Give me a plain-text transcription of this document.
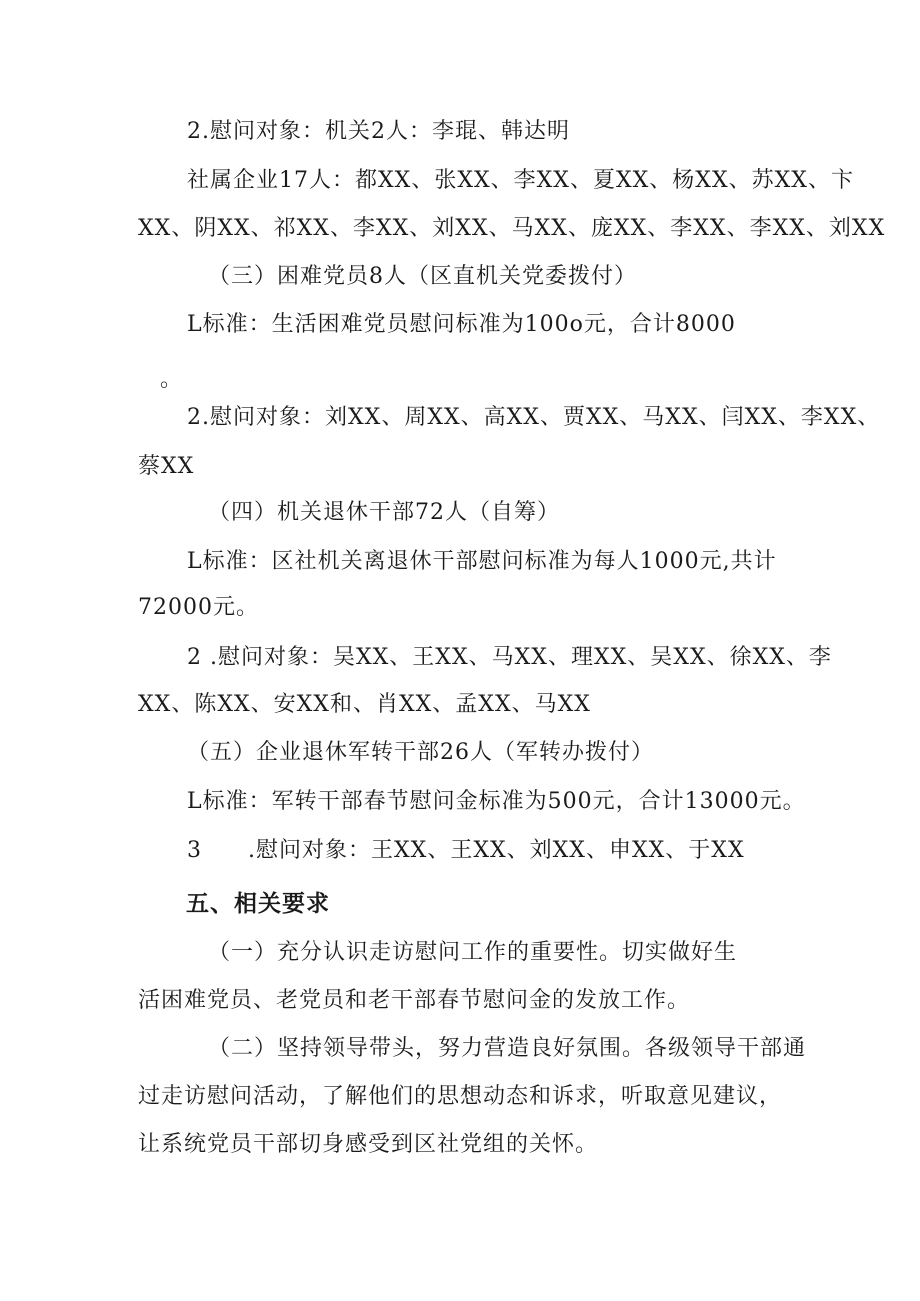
2.慰问对象：机关2人：李琨、韩达明
社属企业17人：都XX、张XX、李XX、夏XX、杨XX、苏XX、卞
XX、阴XX、祁XX、李XX、刘XX、马XX、庞XX、李XX、李XX、刘XX
（三）困难党员8人（区直机关党委拨付）
L标准：生活困难党员慰问标准为100o元，合计8000
。
2.慰问对象：刘XX、周XX、高XX、贾XX、马XX、闫XX、李XX、
蔡XX
（四）机关退休干部72人（自筹）
L标准：区社机关离退休干部慰问标准为每人1000元,共计
72000元。
2 .慰问对象：吴XX、王XX、马XX、理XX、吴XX、徐XX、李
XX、陈XX、安XX和、肖XX、孟XX、马XX
（五）企业退休军转干部26人（军转办拨付）
L标准：军转干部春节慰问金标准为500元，合计13000元。
3　　.慰问对象：王XX、王XX、刘XX、申XX、于XX
五、相关要求
（一）充分认识走访慰问工作的重要性。切实做好生
活困难党员、老党员和老干部春节慰问金的发放工作。
（二）坚持领导带头，努力营造良好氛围。各级领导干部通
过走访慰问活动，了解他们的思想动态和诉求，听取意见建议，
让系统党员干部切身感受到区社党组的关怀。
